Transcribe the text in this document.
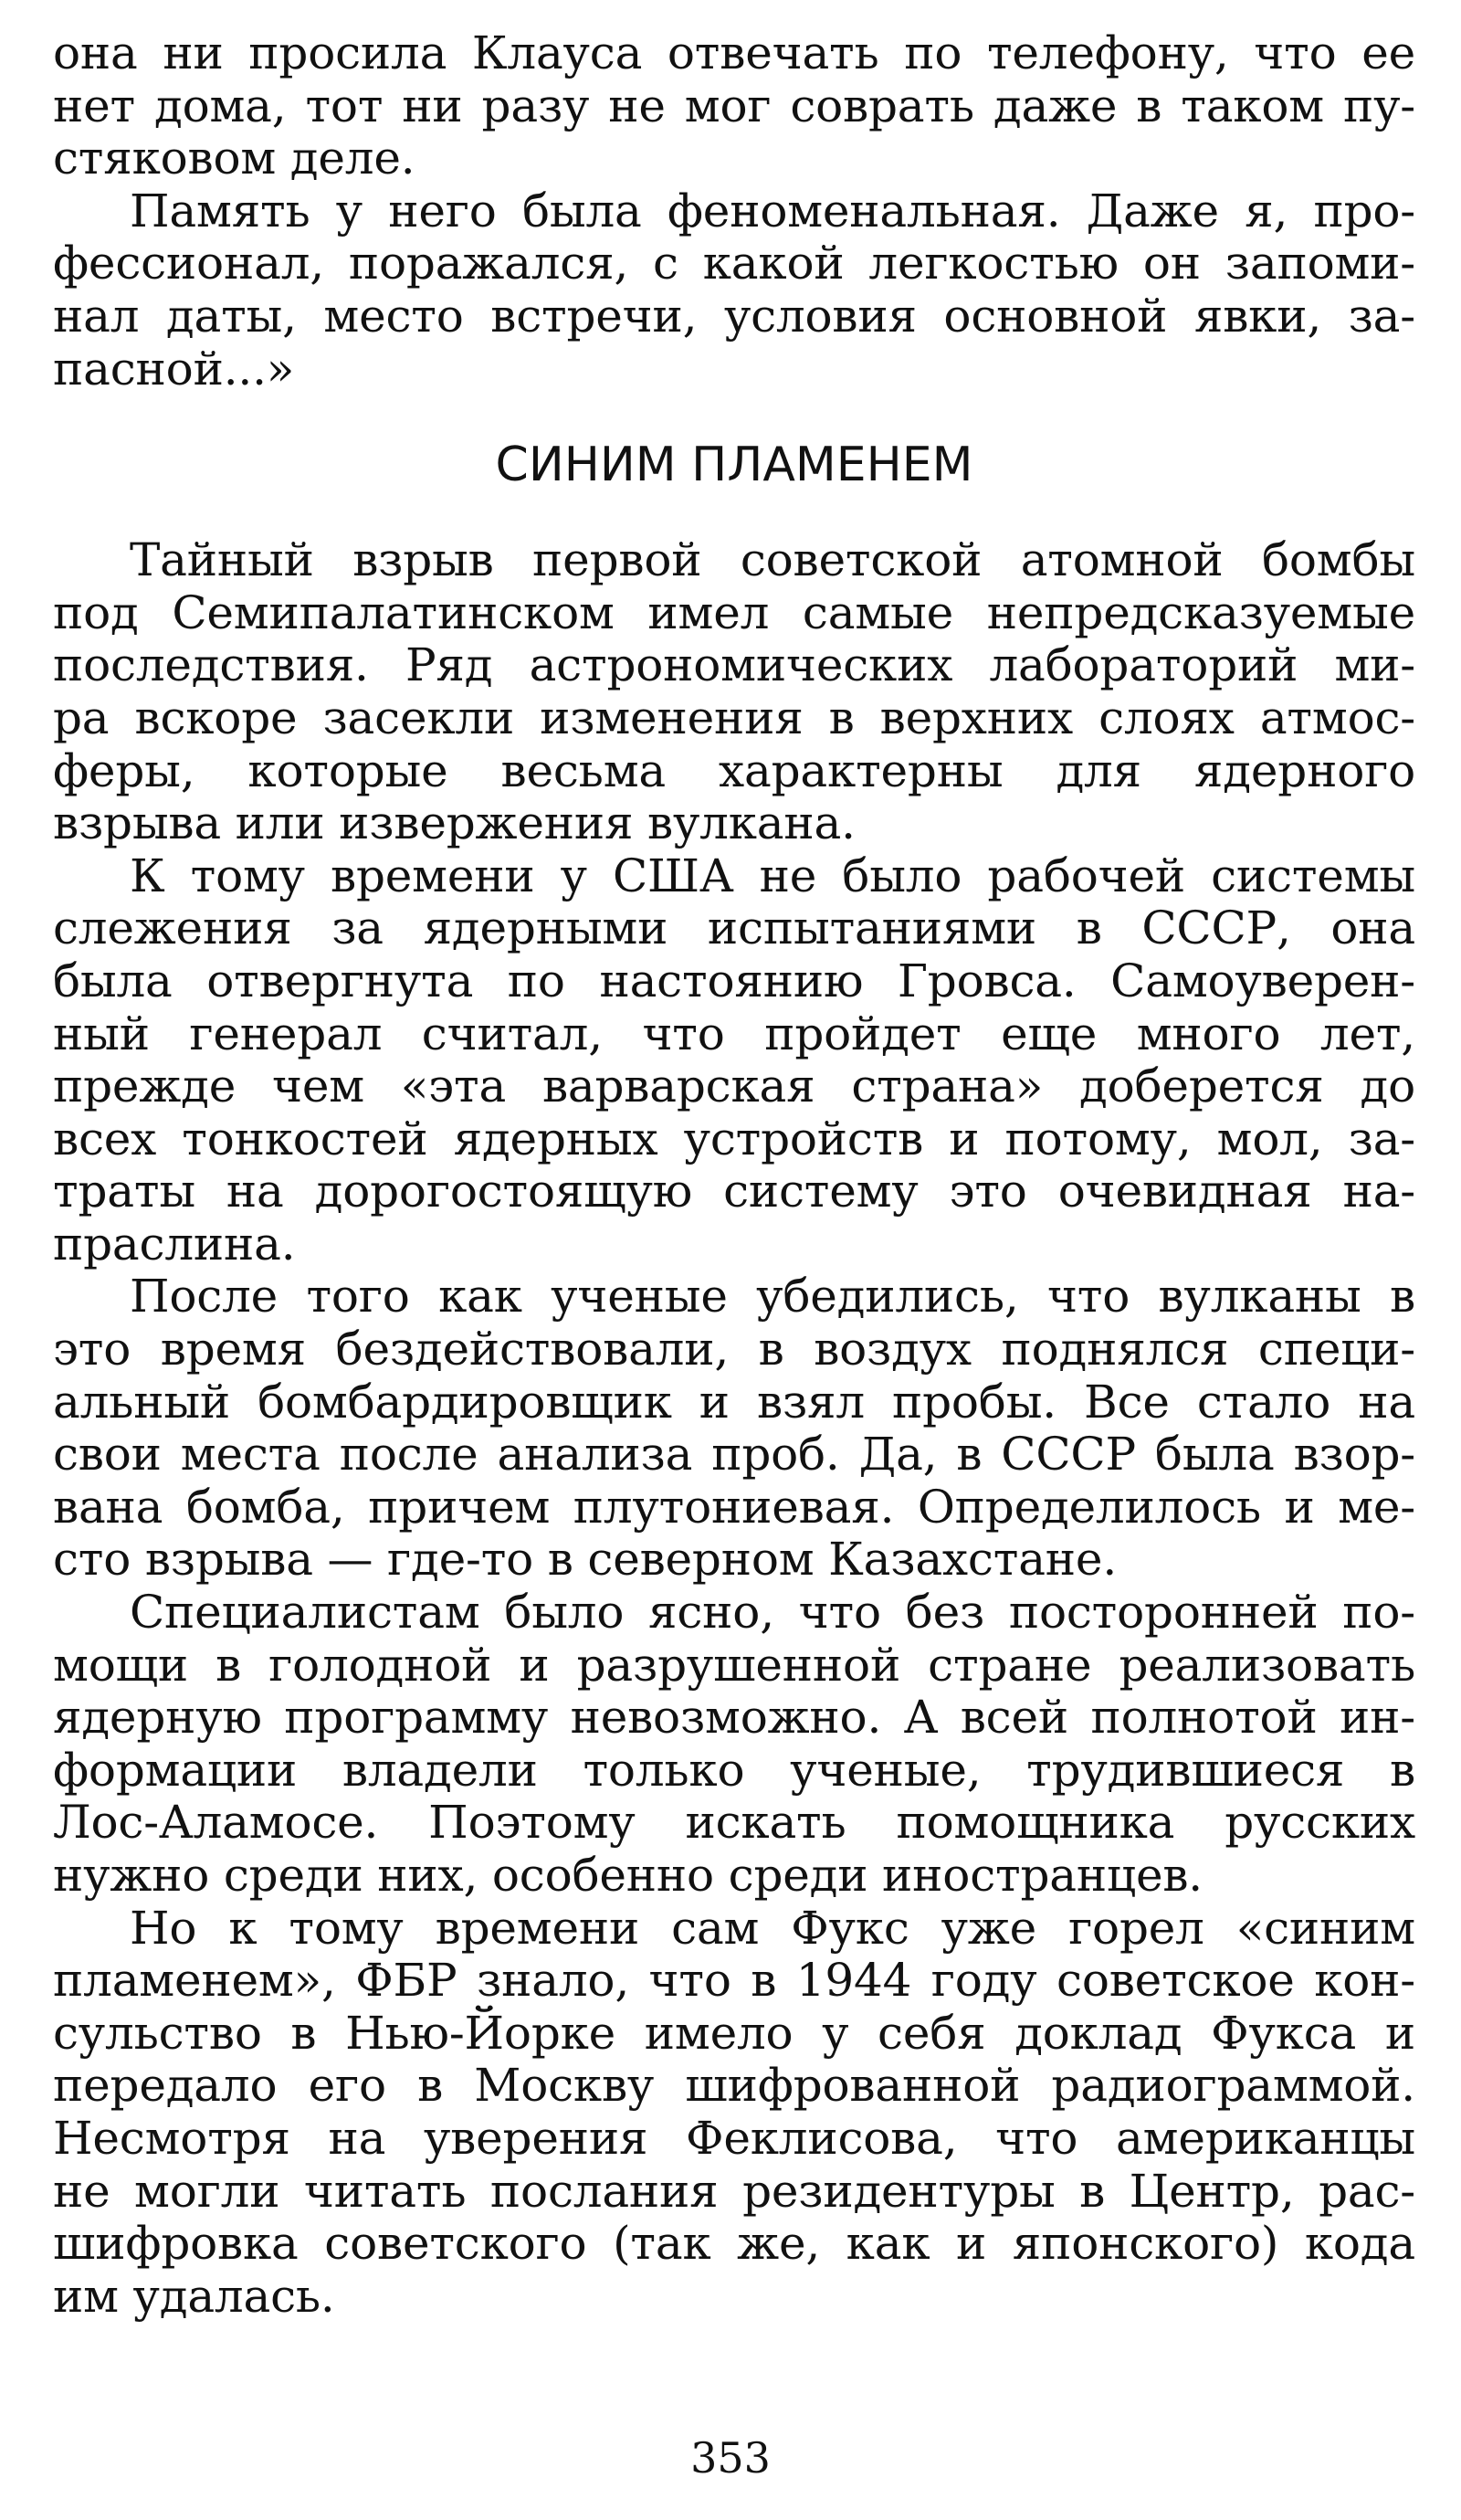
она ни просила Клауса отвечать по телефону, что ее
нет дома, тот ни разу не мог соврать даже в таком пу-
стяковом деле.
Память у него была феноменальная. Даже я, про-
фессионал, поражался, с какой легкостью он запоми-
нал даты, место встречи, условия основной явки, за-
пасной...»
СИНИМ ПЛАМЕНЕМ
Тайный взрыв первой советской атомной бомбы
под Семипалатинском имел самые непредсказуемые
последствия. Ряд астрономических лабораторий ми-
ра вскоре засекли изменения в верхних слоях атмос-
феры, которые весьма характерны для ядерного
взрыва или извержения вулкана.
К тому времени у США не было рабочей системы
слежения за ядерными испытаниями в СССР, она
была отвергнута по настоянию Гровса. Самоуверен-
ный генерал считал, что пройдет еще много лет,
прежде чем «эта варварская страна» доберется до
всех тонкостей ядерных устройств и потому, мол, за-
траты на дорогостоящую систему это очевидная на-
праслина.
После того как ученые убедились, что вулканы в
это время бездействовали, в воздух поднялся специ-
альный бомбардировщик и взял пробы. Все стало на
свои места после анализа проб. Да, в СССР была взор-
вана бомба, причем плутониевая. Определилось и ме-
сто взрыва — где-то в северном Казахстане.
Специалистам было ясно, что без посторонней по-
мощи в голодной и разрушенной стране реализовать
ядерную программу невозможно. А всей полнотой ин-
формации владели только ученые, трудившиеся в
Лос-Аламосе. Поэтому искать помощника русских
нужно среди них, особенно среди иностранцев.
Но к тому времени сам Фукс уже горел «синим
пламенем», ФБР знало, что в 1944 году советское кон-
сульство в Нью-Йорке имело у себя доклад Фукса и
передало его в Москву шифрованной радиограммой.
Несмотря на уверения Феклисова, что американцы
не могли читать послания резидентуры в Центр, рас-
шифровка советского (так же, как и японского) кода
им удалась.
353
